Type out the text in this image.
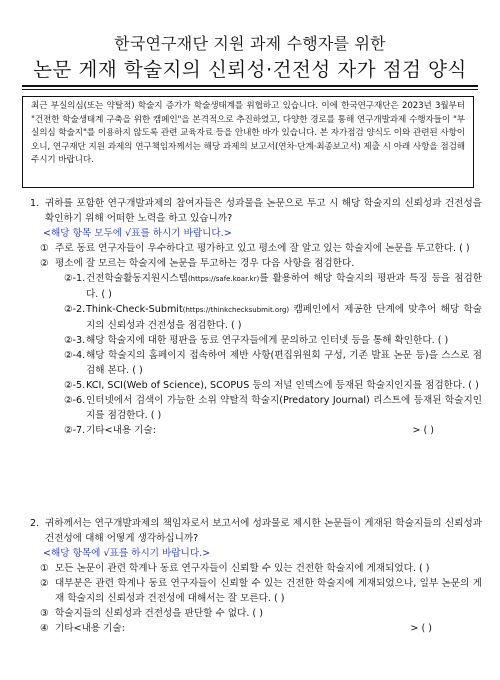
한국연구재단 지원 과제 수행자를 위한
논문 게재 학술지의 신뢰성·건전성 자가 점검 양식
최근 부실의심(또는 약탈적) 학술지 증가가 학술생태계를 위협하고 있습니다. 이에 한국연구재단은 2023년 3월부터 "건전한 학술생태계 구축을 위한 캠페인"을 본격적으로 추진하였고, 다양한 경로를 통해 연구개발과제 수행자들이 "부실의심 학술지"를 이용하지 않도록 관련 교육자료 등을 안내한 바가 있습니다. 본 자가점검 양식도 이와 관련된 사항이오니, 연구재단 지원 과제의 연구책임자께서는 해당 과제의 보고서(연차·단계·최종보고서) 제출 시 아래 사항을 점검해 주시기 바랍니다.
1. 귀하를 포함한 연구개발과제의 참여자들은 성과물을 논문으로 투고 시 해당 학술지의 신뢰성과 건전성을 확인하기 위해 어떠한 노력을 하고 있습니까?
<해당 항목 모두에 √표를 하시기 바랍니다.>
① 주로 동료 연구자들이 우수하다고 평가하고 있고 평소에 잘 알고 있는 학술지에 논문을 투고한다. ( )
② 평소에 잘 모르는 학술지에 논문을 투고하는 경우 다음 사항을 점검한다.
②-1. 건전학술활동지원시스템(https://safe.koar.kr)를 활용하여 해당 학술지의 평판과 특징 등을 점검한다. ( )
②-2. Think-Check-Submit(https://thinkchecksubmit.org) 캠페인에서 제공한 단계에 맞추어 해당 학술지의 신뢰성과 건전성을 점검한다. ( )
②-3. 해당 학술지에 대한 평판을 동료 연구자들에게 문의하고 인터넷 등을 통해 확인한다. ( )
②-4. 해당 학술지의 홈페이지 접속하여 제반 사항(편집위원회 구성, 기존 발표 논문 등)을 스스로 점검해 본다. ( )
②-5. KCI, SCI(Web of Science), SCOPUS 등의 저널 인덱스에 등재된 학술지인지를 점검한다. ( )
②-6. 인터넷에서 검색이 가능한 소위 약탈적 학술지(Predatory Journal) 리스트에 등재된 학술지인지를 점검한다. ( )
②-7. 기타<내용 기술:	> ( )
2. 귀하께서는 연구개발과제의 책임자로서 보고서에 성과물로 제시한 논문들이 게재된 학술지들의 신뢰성과 건전성에 대해 어떻게 생각하십니까?
<해당 항목에 √표를 하시기 바랍니다.>
① 모든 논문이 관련 학계나 동료 연구자들이 신뢰할 수 있는 건전한 학술지에 게재되었다. ( )
② 대부분은 관련 학계나 동료 연구자들이 신뢰할 수 있는 건전한 학술지에 게재되었으나, 일부 논문의 게재 학술지의 신뢰성과 건전성에 대해서는 잘 모른다. ( )
③ 학술지들의 신뢰성과 건전성을 판단할 수 없다. ( )
④ 기타<내용 기술:	> ( )
